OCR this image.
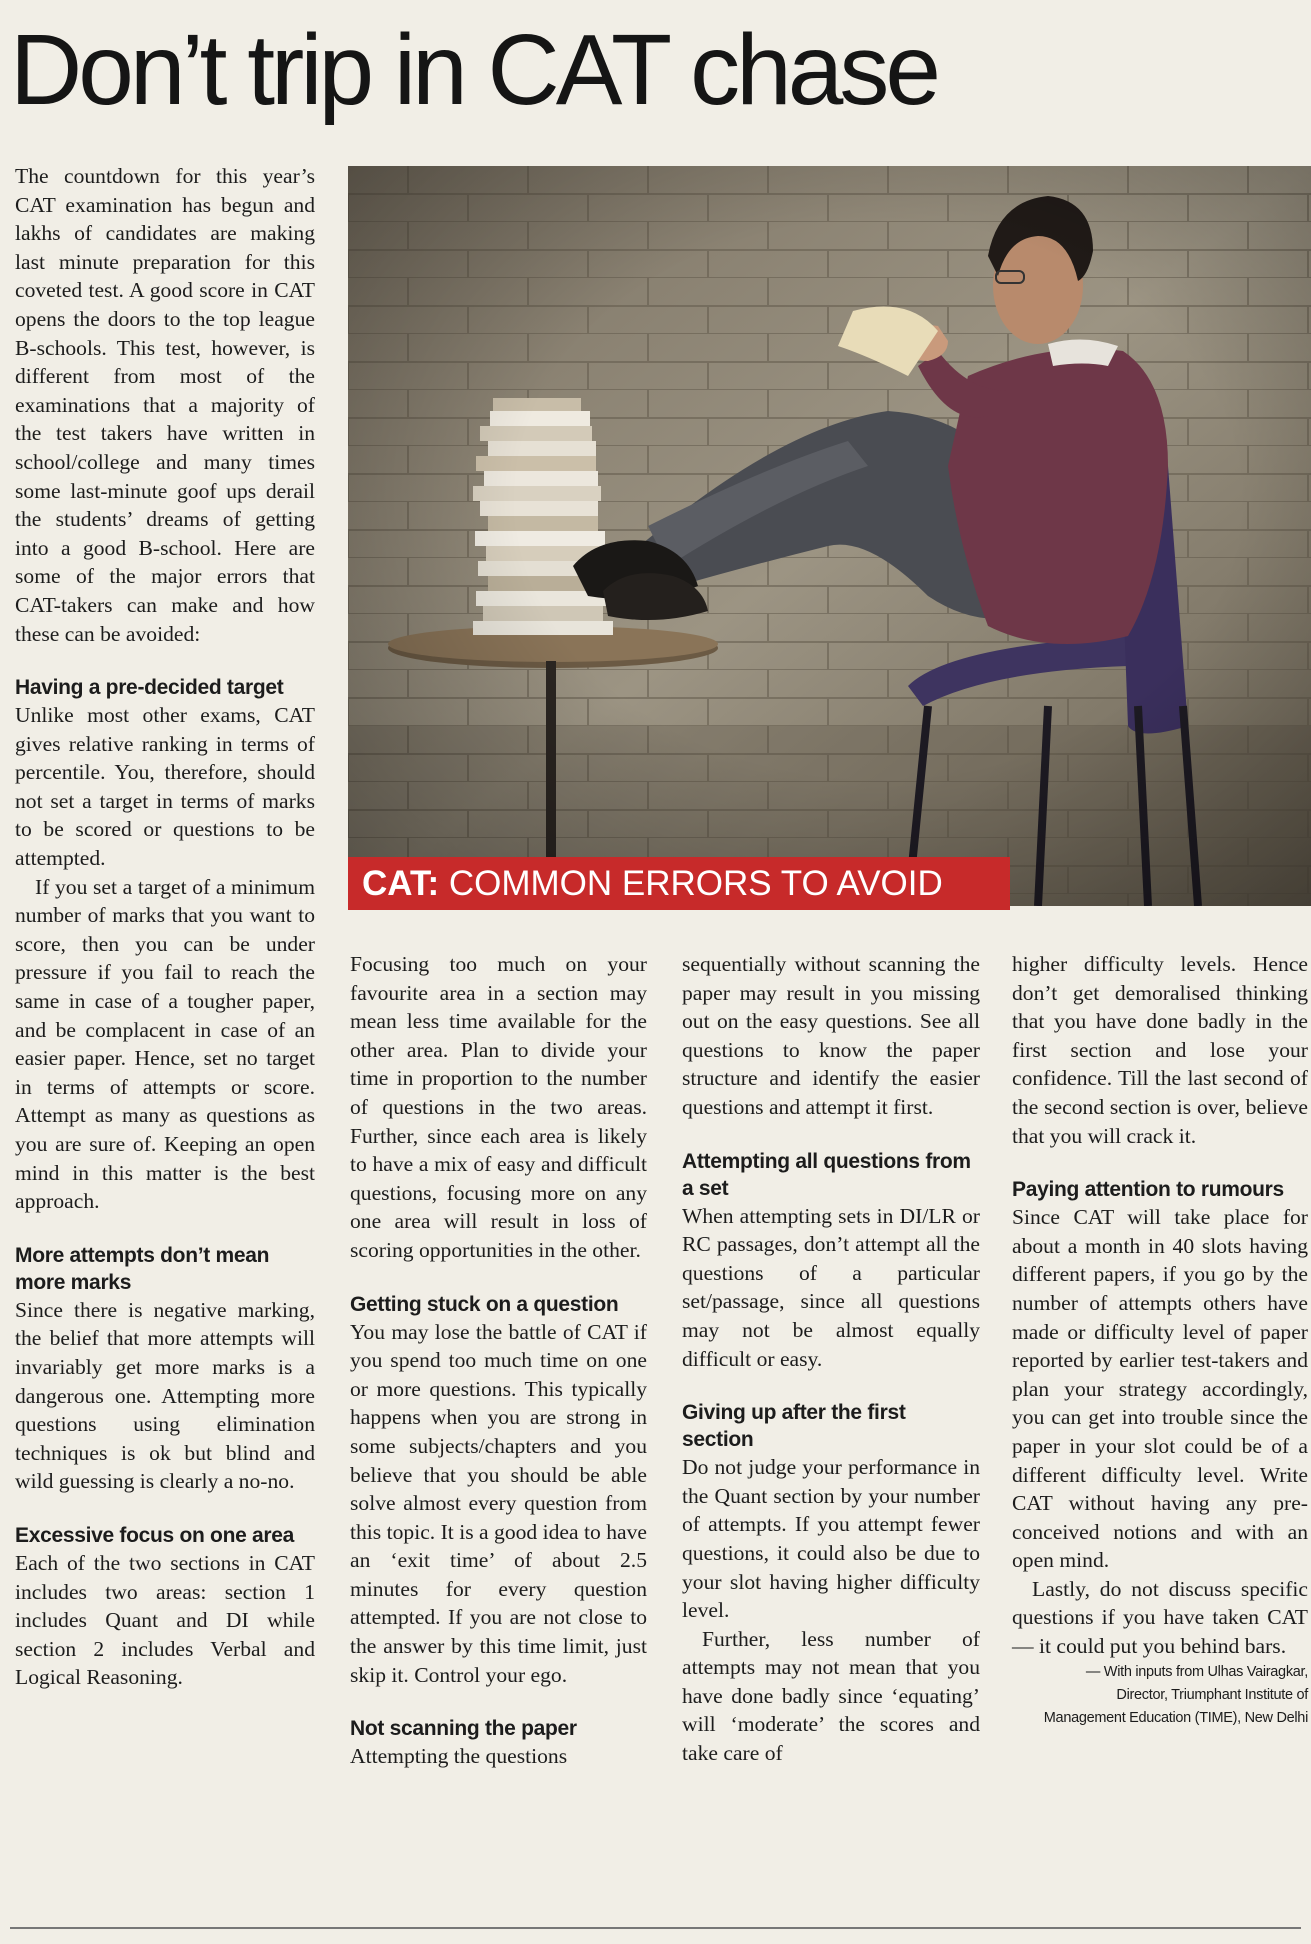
Don’t trip in CAT chase
CAT: COMMON ERRORS TO AVOID

The countdown for this year’s CAT examination has begun and lakhs of candidates are making last minute preparation for this coveted test. A good score in CAT opens the doors to the top league B-schools. This test, however, is different from most of the examinations that a majority of the test takers have written in school/college and many times some last-minute goof ups derail the students’ dreams of getting into a good B-school. Here are some of the major errors that CAT-takers can make and how these can be avoided:

Having a pre-decided target

Unlike most other exams, CAT gives relative ranking in terms of percentile. You, therefore, should not set a target in terms of marks to be scored or questions to be attempted.

If you set a target of a minimum number of marks that you want to score, then you can be under pressure if you fail to reach the same in case of a tougher paper, and be complacent in case of an easier paper. Hence, set no target in terms of attempts or score. Attempt as many as questions as you are sure of. Keeping an open mind in this matter is the best approach.

More attempts don’t mean more marks

Since there is negative marking, the belief that more attempts will invariably get more marks is a dangerous one. Attempting more questions using elimination techniques is ok but blind and wild guessing is clearly a no-no.

Excessive focus on one area

Each of the two sections in CAT includes two areas: section 1 includes Quant and DI while section 2 includes Verbal and Logical Reasoning.

Focusing too much on your favourite area in a section may mean less time available for the other area. Plan to divide your time in proportion to the number of questions in the two areas. Further, since each area is likely to have a mix of easy and difficult questions, focusing more on any one area will result in loss of scoring opportunities in the other.

Getting stuck on a question

You may lose the battle of CAT if you spend too much time on one or more questions. This typically happens when you are strong in some subjects/chapters and you believe that you should be able solve almost every question from this topic. It is a good idea to have an ‘exit time’ of about 2.5 minutes for every question attempted. If you are not close to the answer by this time limit, just skip it. Control your ego.

Not scanning the paper

Attempting the questions

sequentially without scanning the paper may result in you missing out on the easy questions. See all questions to know the paper structure and identify the easier questions and attempt it first.

Attempting all questions from a set

When attempting sets in DI/LR or RC passages, don’t attempt all the questions of a particular set/passage, since all questions may not be almost equally difficult or easy.

Giving up after the first section

Do not judge your performance in the Quant section by your number of attempts. If you attempt fewer questions, it could also be due to your slot having higher difficulty level.

Further, less number of attempts may not mean that you have done badly since ‘equating’ will ‘moderate’ the scores and take care of

higher difficulty levels. Hence don’t get demoralised thinking that you have done badly in the first section and lose your confidence. Till the last second of the second section is over, believe that you will crack it.

Paying attention to rumours

Since CAT will take place for about a month in 40 slots having different papers, if you go by the number of attempts others have made or difficulty level of paper reported by earlier test-takers and plan your strategy accordingly, you can get into trouble since the paper in your slot could be of a different difficulty level. Write CAT without having any pre-conceived notions and with an open mind.

Lastly, do not discuss specific questions if you have taken CAT — it could put you behind bars.

— With inputs from Ulhas Vairagkar,
Director, Triumphant Institute of
Management Education (TIME), New Delhi
